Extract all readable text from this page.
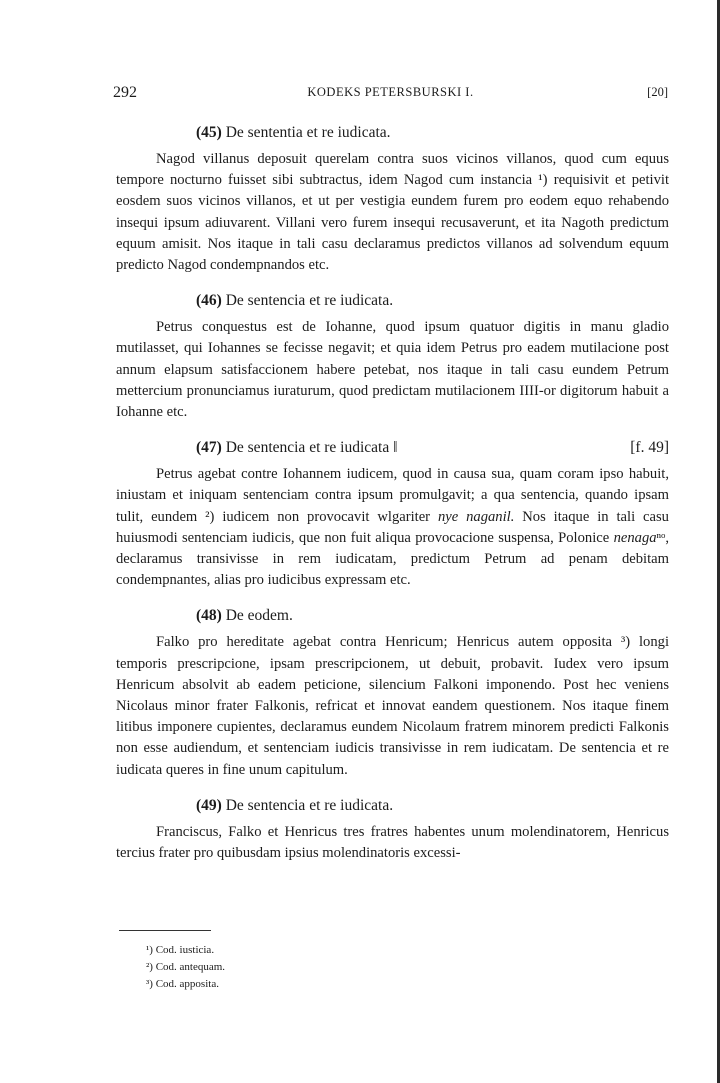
292	KODEKS PETERSBURSKI I.	[20]
(45) De sententia et re iudicata.

Nagod villanus deposuit querelam contra suos vicinos villanos, quod cum equus tempore nocturno fuisset sibi subtractus, idem Nagod cum instancia ¹) requisivit et petivit eosdem suos vicinos villanos, et ut per vestigia eundem furem pro eodem equo rehabendo insequi ipsum adiuvarent. Villani vero furem insequi recusaverunt, et ita Nagoth predictum equum amisit. Nos itaque in tali casu declaramus predictos villanos ad solvendum equum predicto Nagod condempnandos etc.

(46) De sentencia et re iudicata.

Petrus conquestus est de Iohanne, quod ipsum quatuor digitis in manu gladio mutilasset, qui Iohannes se fecisse negavit; et quia idem Petrus pro eadem mutilacione post annum elapsum satisfaccionem habere petebat, nos itaque in tali casu eundem Petrum mettercium pronunciamus iuraturum, quod predictam mutilacionem IIII-or digitorum habuit a Iohanne etc.

(47) De sentencia et re iudicata ‖	[f. 49]

Petrus agebat contre Iohannem iudicem, quod in causa sua, quam coram ipso habuit, iniustam et iniquam sentenciam contra ipsum promulgavit; a qua sentencia, quando ipsam tulit, eundem ²) iudicem non provocavit wlgariter nye naganil. Nos itaque in tali casu huiusmodi sentenciam iudicis, que non fuit aliqua provocacione suspensa, Polonice nenagaⁿᵒ, declaramus transivisse in rem iudicatam, predictum Petrum ad penam debitam condempnantes, alias pro iudicibus expressam etc.

(48) De eodem.

Falko pro hereditate agebat contra Henricum; Henricus autem opposita ³) longi temporis prescripcione, ipsam prescripcionem, ut debuit, probavit. Iudex vero ipsum Henricum absolvit ab eadem peticione, silencium Falkoni imponendo. Post hec veniens Nicolaus minor frater Falkonis, refricat et innovat eandem questionem. Nos itaque finem litibus imponere cupientes, declaramus eundem Nicolaum fratrem minorem predicti Falkonis non esse audiendum, et sentenciam iudicis transivisse in rem iudicatam. De sentencia et re iudicata queres in fine unum capitulum.

(49) De sentencia et re iudicata.

Franciscus, Falko et Henricus tres fratres habentes unum molendinatorem, Henricus tercius frater pro quibusdam ipsius molendinatoris excessi-

¹) Cod. iusticia.
²) Cod. antequam.
³) Cod. apposita.
